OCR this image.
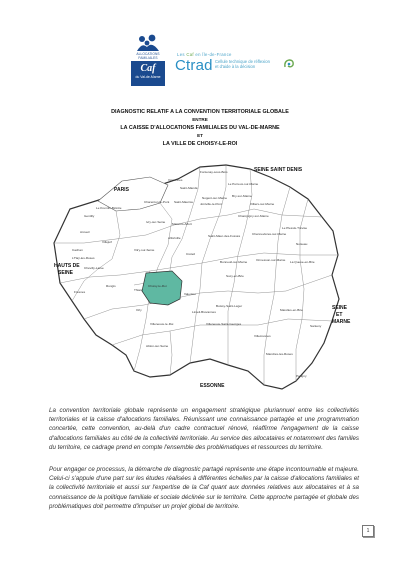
ALLOCATIONS
FAMILIALES
Caf
du Val-de-Marne
Les Caf en Île-de-France
Ctrad Cellule technique de réflexion
et d'aide à la décision
DIAGNOSTIC RELATIF A LA CONVENTION TERRITORIALE GLOBALE
ENTRE
LA CAISSE D'ALLOCATIONS FAMILIALES DU VAL-DE-MARNE
ET
LA VILLE DE CHOISY-LE-ROI
PARIS
SEINE SAINT DENIS
HAUTS DE
SEINE
SEINE
ET
MARNE
ESSONNE
Fontenay-sous-Bois
Vincennes
Saint-Mandé
Le Perreux-sur-Marne
Nogent-sur-Marne Bry-sur-Marne
Saint-Maurice Joinville-le-Pont	Villiers-sur-Marne
Charenton-le-Pont
Champigny-sur-Marne
Le Kremlin-Bicêtre
Gentilly
Ivry-sur-Seine Maisons-Alfort
Arcueil
Cachan
Villejuif
Alfortville	Saint-Maur-des-Fossés	Chennevières-sur-Marne
Le Plessis-Trévise
Noiseau
L'Haÿ-les-Roses
Vitry-sur-Seine
Créteil
Bonneuil-sur-Marne	Ormesson-sur-Marne La Queue-en-Brie
Chevilly-Larue
Fresnes
Choisy-le-Roi
Sucy-en-Brie
Thiais
Valenton
Rungis
Orly
Boissy-Saint-Léger
Limeil-Brévannes	Marolles-en-Brie
Santeny
Villeneuve-le-Roi	Villeneuve-Saint-Georges
Ablon-sur-Seine
Villecresnes
Mandres-les-Roses
Périgny

La convention territoriale globale représente un engagement stratégique pluriannuel entre les collectivités territoriales et la caisse d'allocations familiales. Réunissant une connaissance partagée et une programmation concertée, cette convention, au-delà d'un cadre contractuel rénové, réaffirme l'engagement de la caisse d'allocations familiales au côté de la collectivité territoriale. Au service des allocataires et notamment des familles du territoire, ce cadrage prend en compte l'ensemble des problématiques et ressources du territoire.

Pour engager ce processus, la démarche de diagnostic partagé représente une étape incontournable et majeure. Celui-ci s'appuie d'une part sur les études réalisées à différentes échelles par la caisse d'allocations familiales et la collectivité territoriale et aussi sur l'expertise de la Caf quant aux données relatives aux allocataires et à sa connaissance de la politique familiale et sociale déclinée sur le territoire. Cette approche partagée et globale des problématiques doit permettre d'impulser un projet global de territoire.

1
